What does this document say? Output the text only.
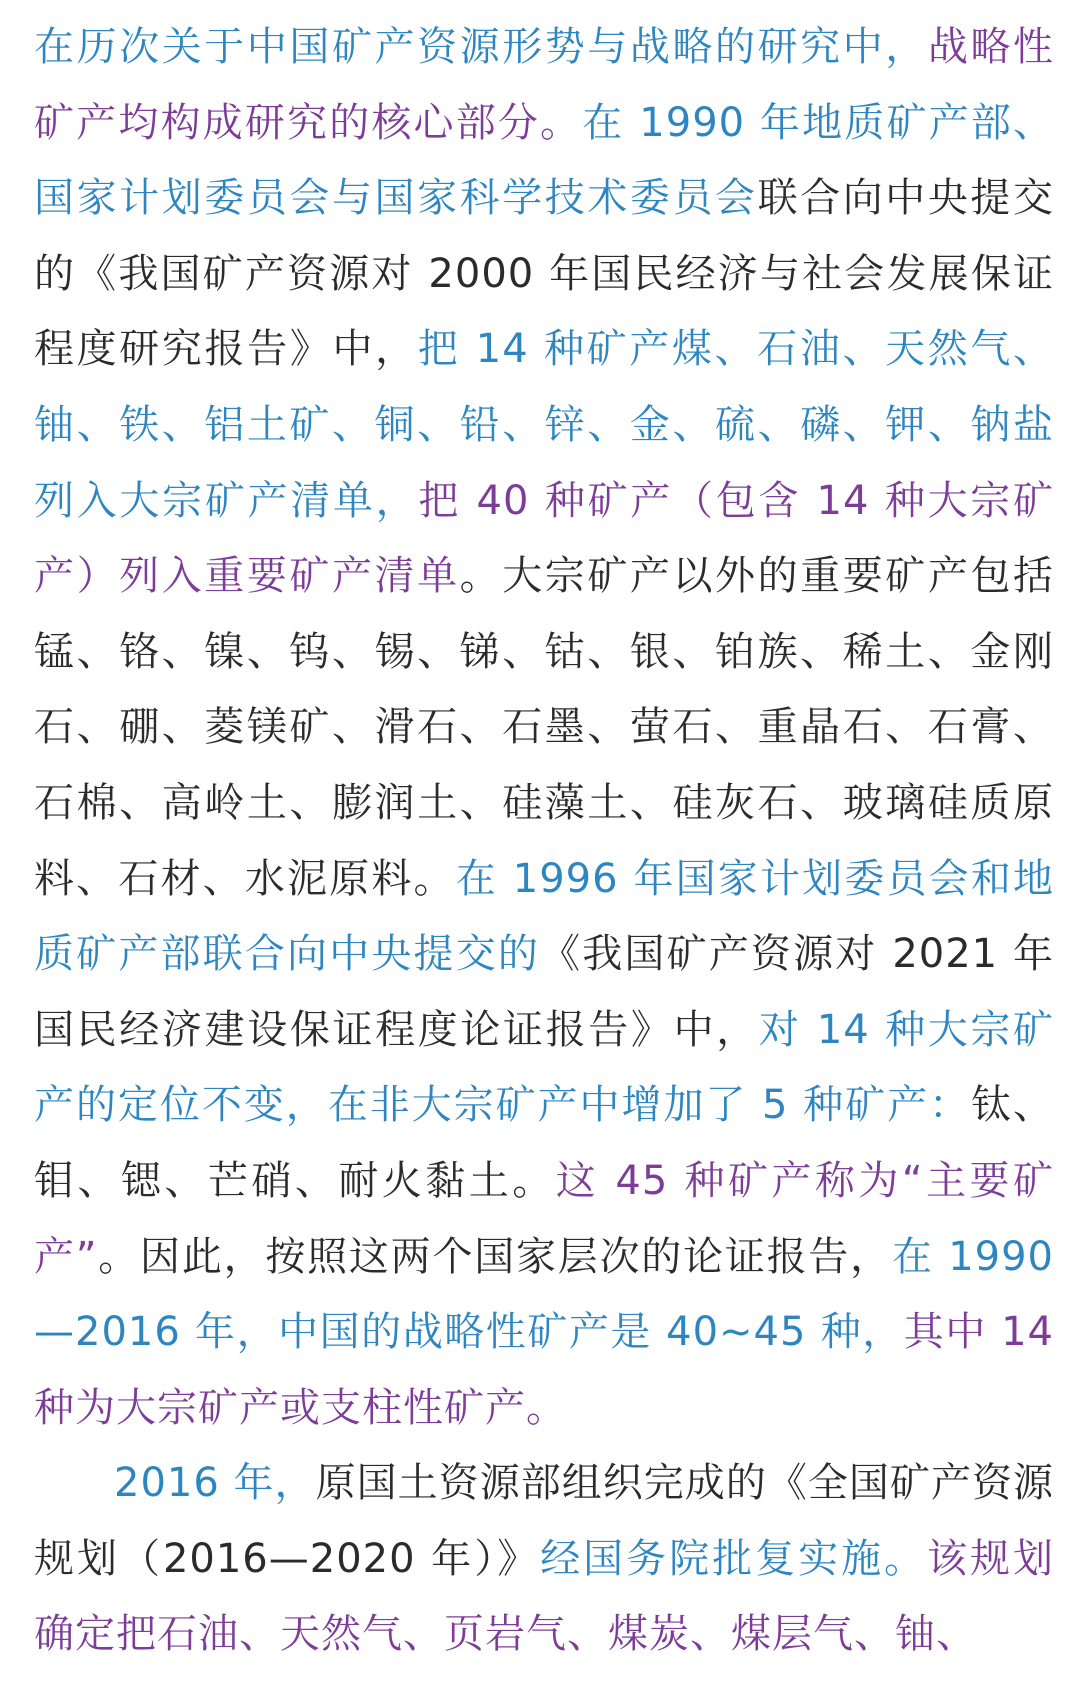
在历次关于中国矿产资源形势与战略的研究中，战略性矿产均构成研究的核心部分。在 1990 年地质矿产部、国家计划委员会与国家科学技术委员会联合向中央提交的《我国矿产资源对 2000 年国民经济与社会发展保证程度研究报告》中，把 14 种矿产煤、石油、天然气、铀、铁、铝土矿、铜、铅、锌、金、硫、磷、钾、钠盐列入大宗矿产清单，把 40 种矿产（包含 14 种大宗矿产）列入重要矿产清单。大宗矿产以外的重要矿产包括锰、铬、镍、钨、锡、锑、钴、银、铂族、稀土、金刚石、硼、菱镁矿、滑石、石墨、萤石、重晶石、石膏、石棉、高岭土、膨润土、硅藻土、硅灰石、玻璃硅质原料、石材、水泥原料。在 1996 年国家计划委员会和地质矿产部联合向中央提交的《我国矿产资源对 2021 年国民经济建设保证程度论证报告》中，对 14 种大宗矿产的定位不变，在非大宗矿产中增加了 5 种矿产：钛、钼、锶、芒硝、耐火黏土。这 45 种矿产称为“主要矿产”。因此，按照这两个国家层次的论证报告，在 1990—2016 年，中国的战略性矿产是 40~45 种，其中 14 种为大宗矿产或支柱性矿产。

2016 年，原国土资源部组织完成的《全国矿产资源规划（2016—2020 年）》经国务院批复实施。该规划确定把石油、天然气、页岩气、煤炭、煤层气、铀、
